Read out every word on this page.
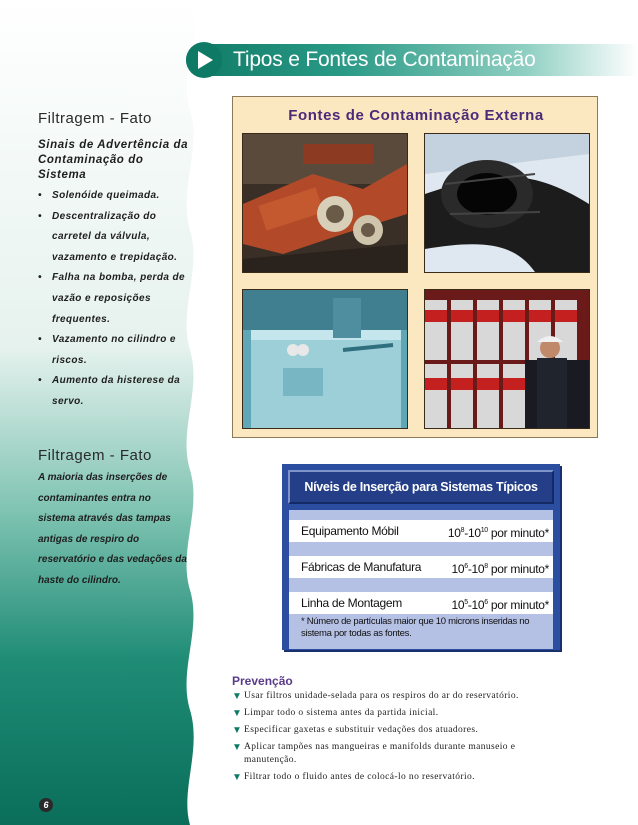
Tipos e Fontes de Contaminação
Filtragem - Fato
Sinais de Advertência da Contaminação do Sistema
• Solenóide queimada.
• Descentralização do carretel da válvula, vazamento e trepidação.
• Falha na bomba, perda de vazão e reposições frequentes.
• Vazamento no cilindro e riscos.
• Aumento da histerese da servo.
Filtragem - Fato
A maioria das inserções de contaminantes entra no sistema através das tampas antigas de respiro do reservatório e das vedações da haste do cilindro.
Fontes de Contaminação Externa
Níveis de Inserção para Sistemas Típicos
Equipamento Móbil	$10^8-10^{10}$ por minuto*
Fábricas de Manufatura	$10^6-10^8$ por minuto*
Linha de Montagem	$10^5-10^6$ por minuto*
* Número de partículas maior que 10 microns inseridas no sistema por todas as fontes.
Prevenção
▼ Usar filtros unidade-selada para os respiros do ar do reservatório.
▼ Limpar todo o sistema antes da partida inicial.
▼ Especificar gaxetas e substituir vedações dos atuadores.
▼ Aplicar tampões nas mangueiras e manifolds durante manuseio e manutenção.
▼ Filtrar todo o fluido antes de colocá-lo no reservatório.
6
